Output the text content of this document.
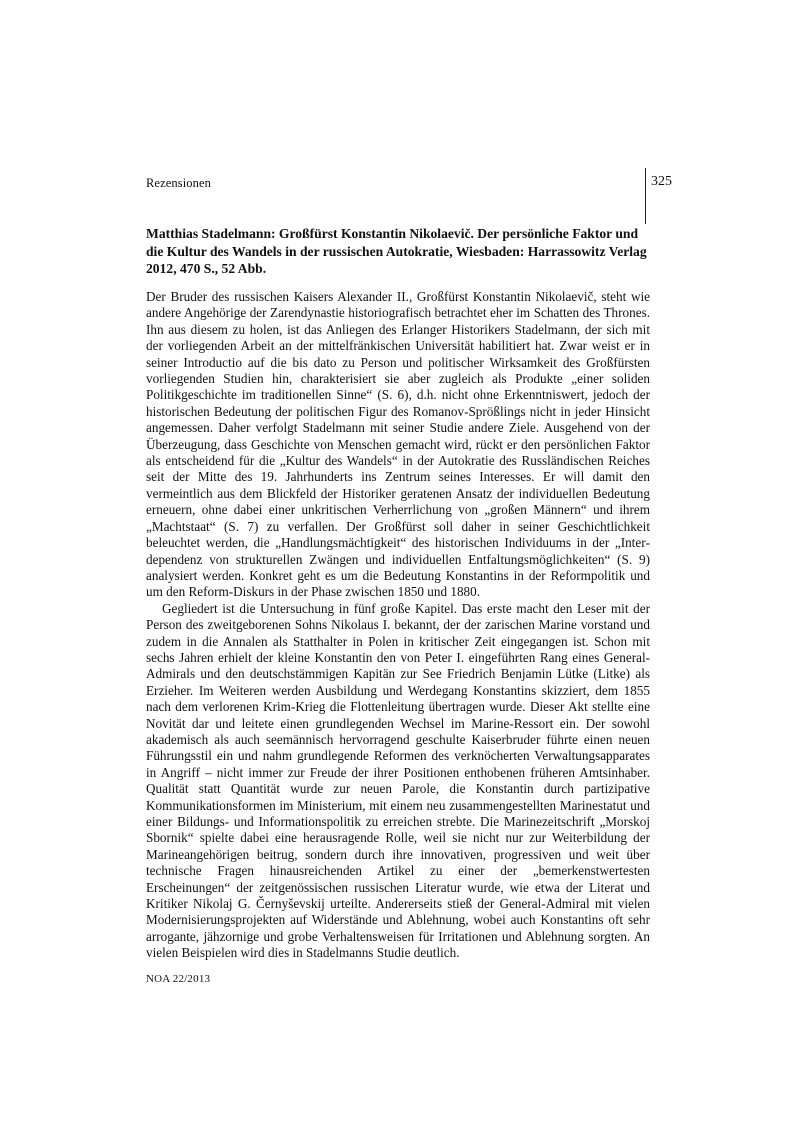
Rezensionen	325
Matthias Stadelmann: Großfürst Konstantin Nikolaevič. Der persönliche Faktor und die Kultur des Wandels in der russischen Autokratie, Wiesbaden: Harrassowitz Verlag 2012, 470 S., 52 Abb.

Der Bruder des russischen Kaisers Alexander II., Großfürst Konstantin Nikolaevič, steht wie andere Angehörige der Zarendynastie historiografisch betrachtet eher im Schatten des Thrones. Ihn aus diesem zu holen, ist das Anliegen des Erlanger Historikers Stadelmann, der sich mit der vorliegenden Arbeit an der mittelfränkischen Universität habilitiert hat. Zwar weist er in seiner Introductio auf die bis dato zu Person und politischer Wirksamkeit des Großfürsten vorliegenden Studien hin, charakterisiert sie aber zugleich als Produkte „einer soliden Politikgeschichte im traditionellen Sinne“ (S. 6), d.h. nicht ohne Erkenntniswert, jedoch der historischen Bedeutung der politischen Figur des Romanov-Sprößlings nicht in jeder Hinsicht angemessen. Daher verfolgt Stadelmann mit seiner Studie andere Ziele. Ausgehend von der Überzeugung, dass Geschichte von Menschen gemacht wird, rückt er den persönlichen Faktor als entscheidend für die „Kultur des Wandels“ in der Autokratie des Russländischen Reiches seit der Mitte des 19. Jahrhunderts ins Zentrum seines Interesses. Er will damit den vermeintlich aus dem Blickfeld der Historiker geratenen Ansatz der individuellen Bedeutung erneuern, ohne dabei einer unkritischen Verherrlichung von „großen Männern“ und ihrem „Machtstaat“ (S. 7) zu verfallen. Der Großfürst soll daher in seiner Geschichtlichkeit beleuchtet werden, die „Handlungsmächtigkeit“ des historischen Individuums in der „Interdependenz von strukturellen Zwängen und individuellen Entfaltungsmöglichkeiten“ (S. 9) analysiert werden. Konkret geht es um die Bedeutung Konstantins in der Reformpolitik und um den Reform-Diskurs in der Phase zwischen 1850 und 1880.

Gegliedert ist die Untersuchung in fünf große Kapitel. Das erste macht den Leser mit der Person des zweitgeborenen Sohns Nikolaus I. bekannt, der der zarischen Marine vorstand und zudem in die Annalen als Statthalter in Polen in kritischer Zeit eingegangen ist. Schon mit sechs Jahren erhielt der kleine Konstantin den von Peter I. eingeführten Rang eines General-Admirals und den deutschstämmigen Kapitän zur See Friedrich Benjamin Lütke (Litke) als Erzieher. Im Weiteren werden Ausbildung und Werdegang Konstantins skizziert, dem 1855 nach dem verlorenen Krim-Krieg die Flottenleitung übertragen wurde. Dieser Akt stellte eine Novität dar und leitete einen grundlegenden Wechsel im Marine-Ressort ein. Der sowohl akademisch als auch seemännisch hervorragend geschulte Kaiserbruder führte einen neuen Führungsstil ein und nahm grundlegende Reformen des verknöcherten Verwaltungsapparates in Angriff – nicht immer zur Freude der ihrer Positionen enthobenen früheren Amtsinhaber. Qualität statt Quantität wurde zur neuen Parole, die Konstantin durch partizipative Kommunikationsformen im Ministerium, mit einem neu zusammengestellten Marinestatut und einer Bildungs- und Informationspolitik zu erreichen strebte. Die Marinezeitschrift „Morskoj Sbornik“ spielte dabei eine herausragende Rolle, weil sie nicht nur zur Weiterbildung der Marineangehörigen beitrug, sondern durch ihre innovativen, progressiven und weit über technische Fragen hinausreichenden Artikel zu einer der „bemerkenstwertesten Erscheinungen“ der zeitgenössischen russischen Literatur wurde, wie etwa der Literat und Kritiker Nikolaj G. Černyševskij urteilte. Andererseits stieß der General-Admiral mit vielen Modernisierungsprojekten auf Widerstände und Ablehnung, wobei auch Konstantins oft sehr arrogante, jähzornige und grobe Verhaltensweisen für Irritationen und Ablehnung sorgten. An vielen Beispielen wird dies in Stadelmanns Studie deutlich.

NOA 22/2013
